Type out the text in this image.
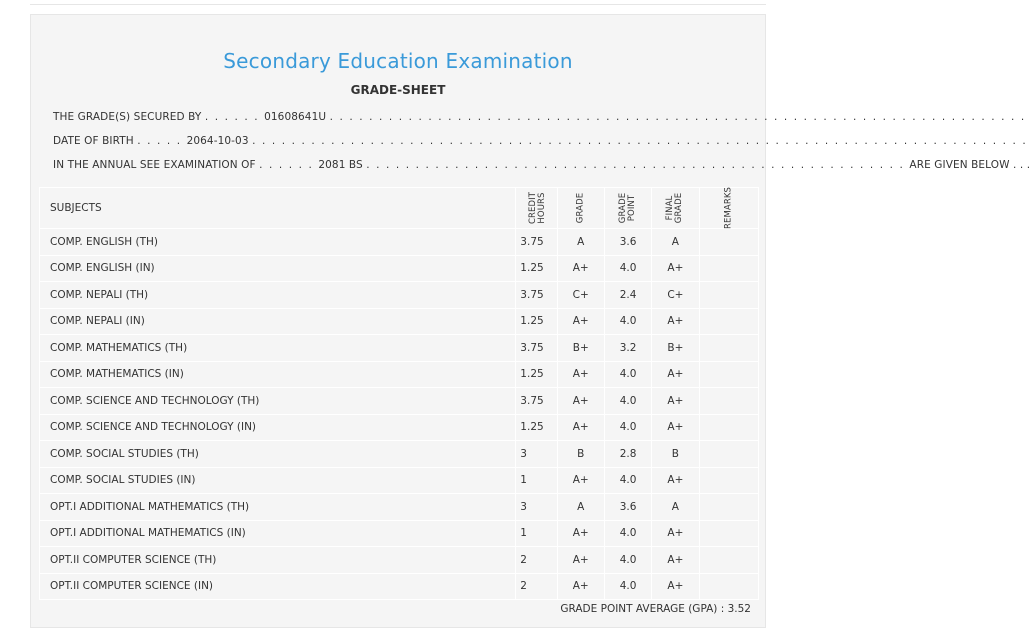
Secondary Education Examination
GRADE-SHEET
THE GRADE(S) SECURED BY . . . . . . 01608641U . . . . . . . . . . . . . . . . . . . . . . . . . . . . . . . . . . . . . . . . . . . . . . . . . . . . . . . . . . . . . . . . . . . . . . .
DATE OF BIRTH . . . . . 2064-10-03 . . . . . . . . . . . . . . . . . . . . . . . . . . . . . . . . . . . . . . . . . . . . . . . . . . . . . . . . . . . . . . . . . . . . . . . . . . . . . . .
IN THE ANNUAL SEE EXAMINATION OF . . . . . . 2081 BS . . . . . . . . . . . . . . . . . . . . . . . . . . . . . . . . . . . . . . . . . . . . . . . . . . . . . . . ARE GIVEN BELOW . . .
SUBJECTS	CREDIT HOURS	GRADE	GRADE POINT	FINAL GRADE	REMARKS

COMP. ENGLISH (TH)	3.75	A	3.6	A	
COMP. ENGLISH (IN)	1.25	A+	4.0	A+	
COMP. NEPALI (TH)	3.75	C+	2.4	C+	
COMP. NEPALI (IN)	1.25	A+	4.0	A+	
COMP. MATHEMATICS (TH)	3.75	B+	3.2	B+	
COMP. MATHEMATICS (IN)	1.25	A+	4.0	A+	
COMP. SCIENCE AND TECHNOLOGY (TH)	3.75	A+	4.0	A+	
COMP. SCIENCE AND TECHNOLOGY (IN)	1.25	A+	4.0	A+	
COMP. SOCIAL STUDIES (TH)	3	B	2.8	B	
COMP. SOCIAL STUDIES (IN)	1	A+	4.0	A+	
OPT.I ADDITIONAL MATHEMATICS (TH)	3	A	3.6	A	
OPT.I ADDITIONAL MATHEMATICS (IN)	1	A+	4.0	A+	
OPT.II COMPUTER SCIENCE (TH)	2	A+	4.0	A+	
OPT.II COMPUTER SCIENCE (IN)	2	A+	4.0	A+	
GRADE POINT AVERAGE (GPA) : 3.52
